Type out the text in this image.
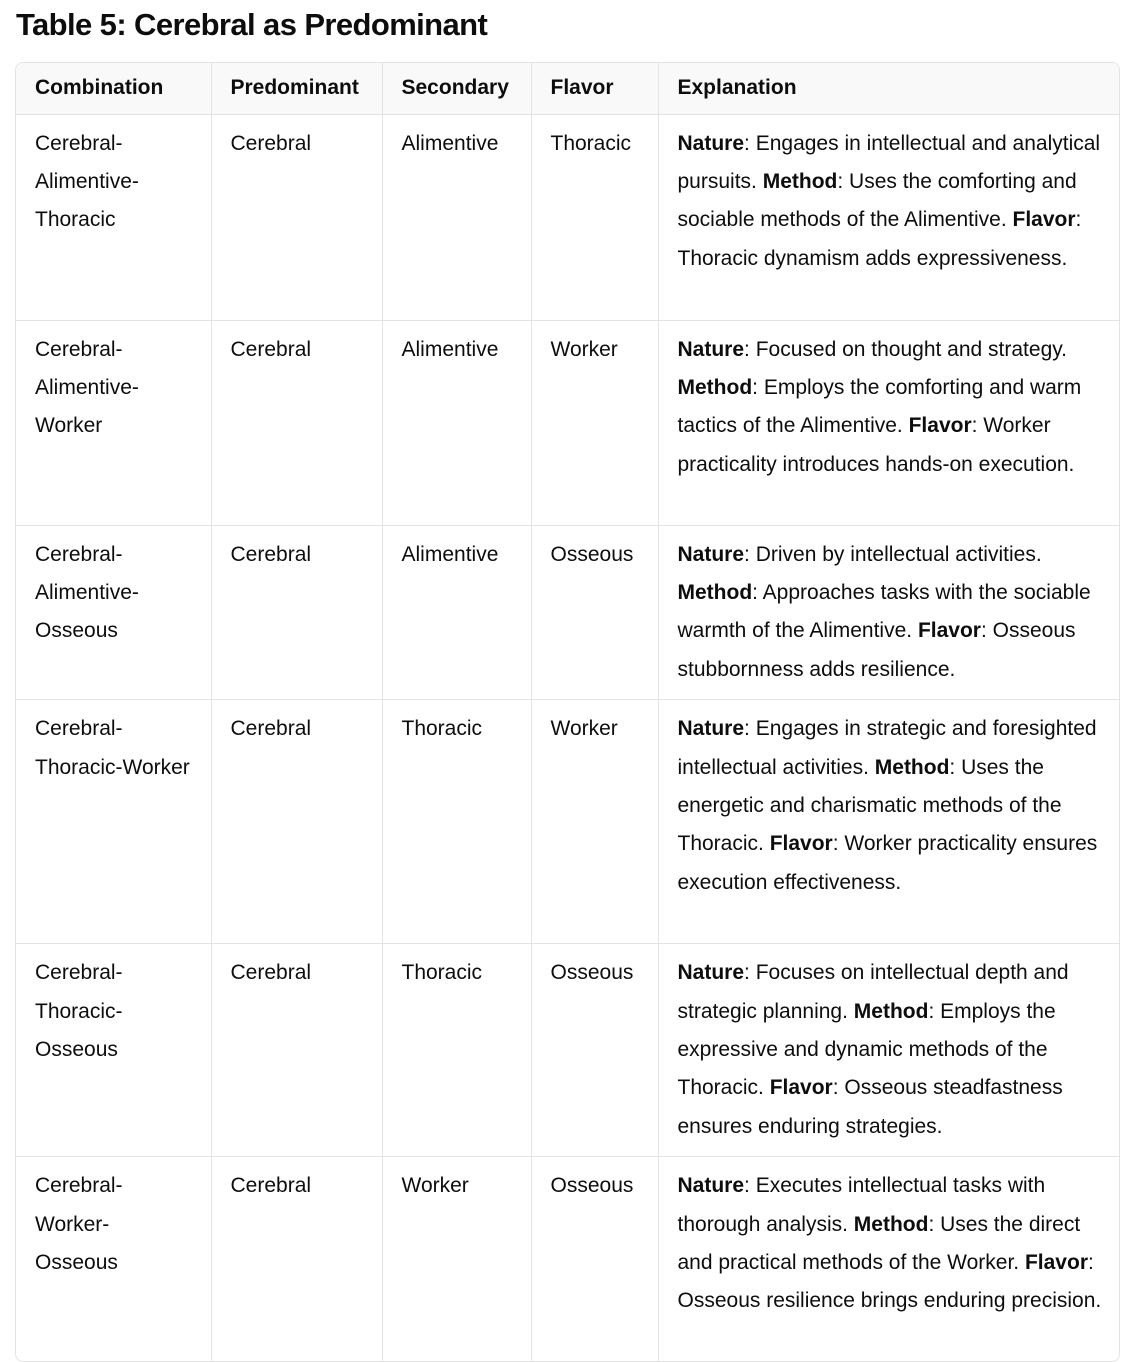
Table 5: Cerebral as Predominant
Combination	Predominant	Secondary	Flavor	Explanation
Cerebral-Alimentive-Thoracic	Cerebral	Alimentive	Thoracic	Nature: Engages in intellectual and analytical pursuits. Method: Uses the comforting and sociable methods of the Alimentive. Flavor: Thoracic dynamism adds expressiveness.
Cerebral-Alimentive-Worker	Cerebral	Alimentive	Worker	Nature: Focused on thought and strategy. Method: Employs the comforting and warm tactics of the Alimentive. Flavor: Worker practicality introduces hands-on execution.
Cerebral-Alimentive-Osseous	Cerebral	Alimentive	Osseous	Nature: Driven by intellectual activities. Method: Approaches tasks with the sociable warmth of the Alimentive. Flavor: Osseous stubbornness adds resilience.
Cerebral-Thoracic-Worker	Cerebral	Thoracic	Worker	Nature: Engages in strategic and foresighted intellectual activities. Method: Uses the energetic and charismatic methods of the Thoracic. Flavor: Worker practicality ensures execution effectiveness.
Cerebral-Thoracic-Osseous	Cerebral	Thoracic	Osseous	Nature: Focuses on intellectual depth and strategic planning. Method: Employs the expressive and dynamic methods of the Thoracic. Flavor: Osseous steadfastness ensures enduring strategies.
Cerebral-Worker-Osseous	Cerebral	Worker	Osseous	Nature: Executes intellectual tasks with thorough analysis. Method: Uses the direct and practical methods of the Worker. Flavor: Osseous resilience brings enduring precision.
